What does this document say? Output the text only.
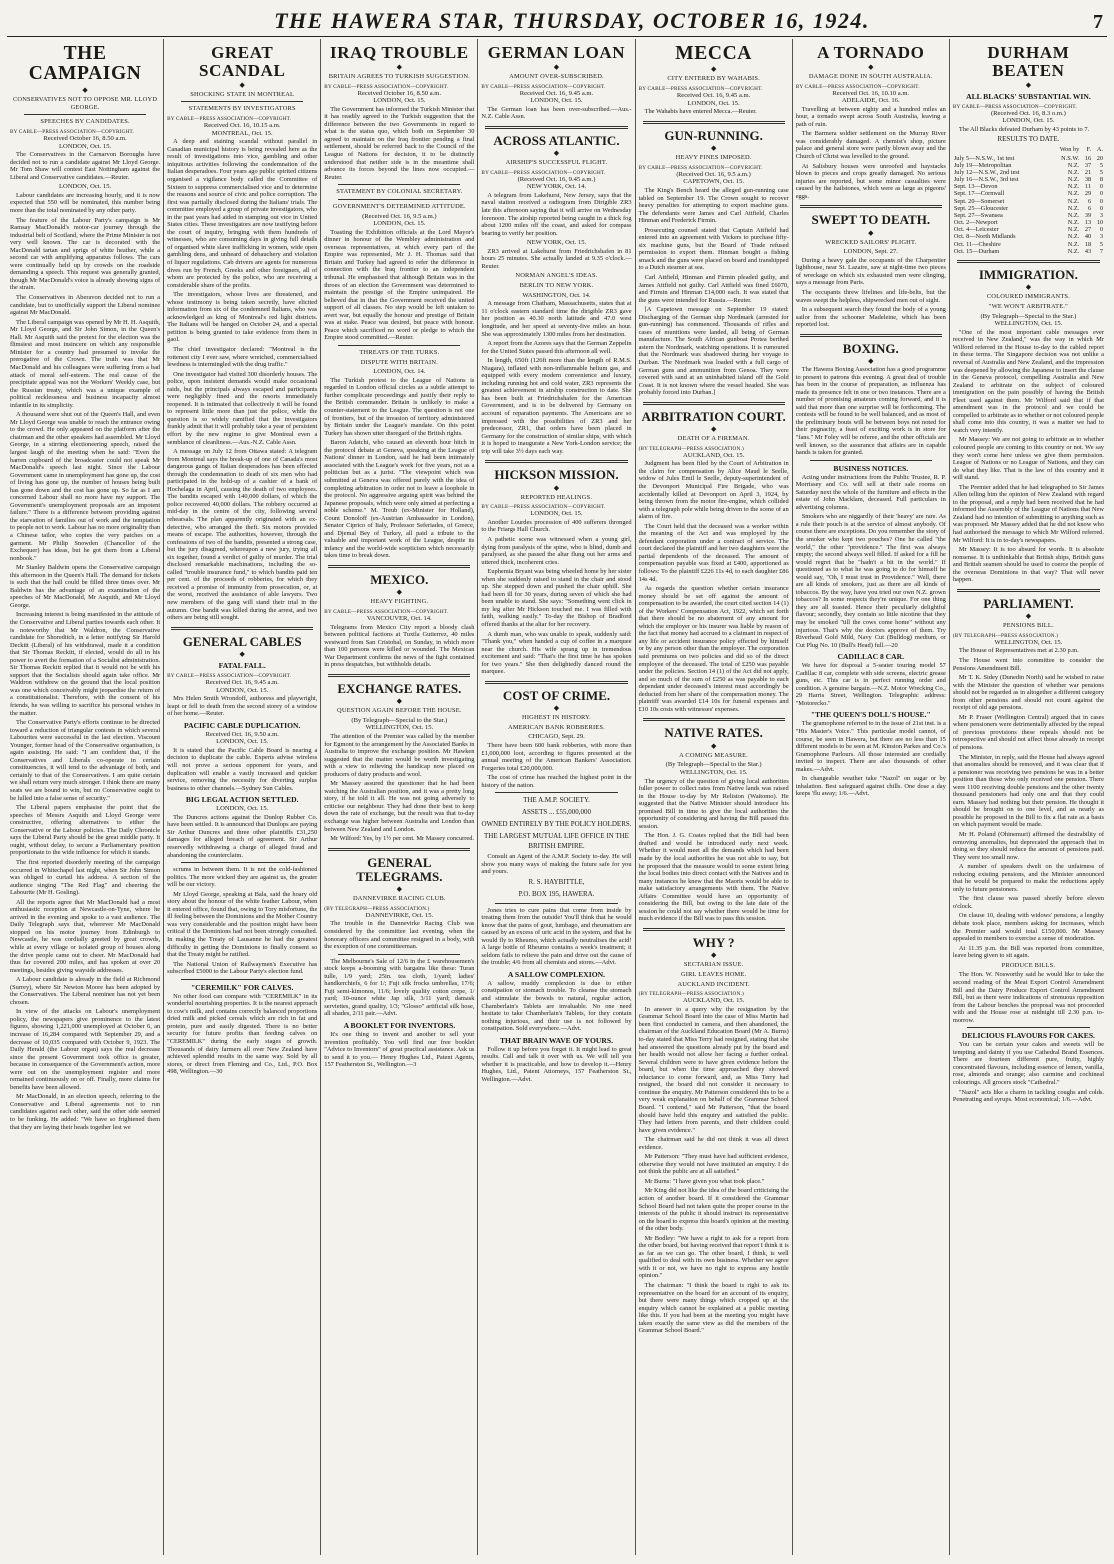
THE HAWERA STAR, THURSDAY, OCTOBER 16, 1924.	7
THE CAMPAIGN
◆
CONSERVATIVES NOT TO OPPOSE MR. LLOYD GEORGE.
SPEECHES BY CANDIDATES.
BY CABLE—PRESS ASSOCIATION—COPYRIGHT.
Received October 16, 8.50 a.m.
LONDON, Oct. 15.

The Conservatives in the Carnarvon Boroughs have decided not to run a candidate against Mr Lloyd George. Mr Tom Shaw will contest East Nottingham against the Liberal and Conservative candidates.—Reuter.

LONDON, Oct. 15.

Labour candidates are increasing hourly, and it is now expected that 550 will be nominated, this number being more than the total nominated by any other party.

The feature of the Labour Party's campaign is Mr Ramsay MacDonald's motor-car journey through the industrial belt of Scotland, where the Prime Minister is not very well known. The car is decorated with the MacDonald tartan and sprigs of white heather, while a second car with amplifying apparatus follows. The cars were continually held up by crowds on the roadside demanding a speech. This request was generally granted, though Mr MacDonald's voice is already showing signs of the strain.

The Conservatives in Aberavon decided not to run a candidate, but to unofficially support the Liberal nominee against Mr MacDonald.

The Liberal campaign was opened by Mr H. H. Asquith, Mr Lloyd George, and Sir John Simon, in the Queen's Hall. Mr Asquith said the pretext for the election was the flimsiest and most insincere on which any responsible Minister for a country had presumed to invoke the prerogative of the Crown. The truth was that Mr MacDonald and his colleagues were suffering from a bad attack of moral self-esteem. The real cause of the precipitate appeal was not the Workers' Weekly case, but the Russian treaty, which was a unique example of political recklessness and business incapacity almost infantile in its simplicity.

A thousand were shut out of the Queen's Hall, and even Mr Lloyd George was unable to reach the entrance owing to the crowd. He only appeared on the platform after the chairman and the other speakers had assembled. Mr Lloyd George, in a stirring electioneering speech, raised the largest laugh of the meeting when he said: "Even the barren cupboard of the broadcaster could not speak Mr MacDonald's speech last night. Since the Labour Government came in unemployment has gone up, the cost of living has gone up, the number of houses being built has gone down and the cost has gone up. So far as I am concerned Labour shall no more have my support. The Government's unemployment proposals are an impotent failure." There is a difference between providing against the starvation of families out of work and the temptation to people not to work. Labour has no more originality than a Chinese tailor, who copies the very patches on a garment. Mr Philip Snowden (Chancellor of the Exchequer) has ideas, but he got them from a Liberal nonbook."

Mr Stanley Baldwin opens the Conservative campaign this afternoon in the Queen's Hall. The demand for tickets is such that the hall could be filled three times over. Mr Baldwin has the advantage of an examination of the speeches of Mr MacDonald, Mr Asquith, and Mr Lloyd George.

Increasing interest is being manifested in the attitude of the Conservative and Liberal parties towards each other. It is noteworthy that Mr Waldron, the Conservative candidate for Shoreditch, in a letter notifying Sir Harold Deckitt (Liberal) of his withdrawal, made it a condition that Sir Thomas Reckitt, if elected, would do all in his power to avert the formation of a Socialist administration. Sir Thomas Reckitt replied that it would not be with his support that the Socialists should again take office. Mr Waldron withdrew on the ground that the local position was one which conceivably might jeopardise the return of a constitutionalist. Therefore, with the consent of his friends, he was willing to sacrifice his personal wishes in the matter.

The Conservative Party's efforts continue to be directed toward a reduction of triangular contests in which several Labourites were successful in the last election. Viscount Younger, former head of the Conservative organisation, is again assisting. He said: "I am confident that, if the Conservatives and Liberals co-operate in certain constituencies, it will tend to the advantage of both, and certainly to that of the Conservatives. I am quite certain we shall return very much stronger. I think there are many seats we are bound to win, but no Conservative ought to be lulled into a false sense of security."

The Liberal papers emphasise the point that the speeches of Messrs Asquith and Lloyd George were constructive, offering alternatives to either the Conservative or the Labour policies. The Daily Chronicle says the Liberal Party should be the great middle party. It ought, without delay, to secure a Parliamentary position proportionate to the wide influence for which it stands.

The first reported disorderly meeting of the campaign occurred in Whitechapel last night, when Sir John Simon was obliged to curtail his address. A section of the audience singing "The Red Flag" and cheering the Labourite (Mr H. Gosling).

All the reports agree that Mr MacDonald had a most enthusiastic reception at Newcastle-on-Tyne, where he arrived in the evening and spoke to a vast audience. The Daily Telegraph says that, wherever Mr MacDonald stopped on his motor journey from Edinburgh to Newcastle, he was cordially greeted by great crowds, while at every village or isolated group of houses along the drive people came out to cheer. Mr MacDonald had thus far covered 200 miles, and has spoken at over 20 meetings, besides giving wayside addresses.

A Labour candidate is already in the field at Richmond (Surrey), where Sir Newton Moore has been adopted by the Conservatives. The Liberal nominee has not yet been chosen.

In view of the attacks on Labour's unemployment policy, the newspapers give prominence to the latest figures, showing 1,221,000 unemployed at October 6, an increase of 16,284 compared with September 29, and a decrease of 10,035 compared with October 9, 1923. The Daily Herald (the Labour organ) says the real decrease since the present Government took office is greater, because in consequence of the Government's action, more were out on the unemployment register and more remained continuously on or off. Finally, more claims for benefits have been allowed.

Mr MacDonald, in an election speech, referring to the Conservative and Liberal agreements not to run candidates against each other, said the other side seemed to be funking. He added: "We have so frightened them that they are laying their heads together lest we

GREAT SCANDAL
◆
SHOCKING STATE IN MONTREAL
STATEMENTS BY INVESTIGATORS
BY CABLE—PRESS ASSOCIATION—COPYRIGHT.
Received Oct. 16, 10.15 a.m.
MONTREAL, Oct. 15.

A deep and staining scandal without parallel in Canadian municipal history is being revealed here as the result of investigations into vice, gambling and other iniquitous activities following the condemnation of the Italian desperadoes. Four years ago public spirited citizens organised a vigilance body called the Committee of Sixteen to suppress commercialised vice and to determine the reasons and source of civic and police corruption. The first was partially disclosed during the Italians' trials. The committee employed a group of private investigators, who in the past years had aided in stamping out vice in United States cities. These investigators are now testifying before the court of inquiry, bringing with them hundreds of witnesses, who are consuming days in giving full details of organised white slave trafficking in women, wide open gambling dens, and unheard of debauchery and violation of liquor regulations. Cab drivers are agents for numerous dives run by French, Greeks and other foreigners, all of whom are protected by the police, who are receiving a considerable share of the profits.

The investigators, whose lives are threatened, and whose testimony is being taken secretly, have elicited information from six of the condemned Italians, who was acknowledged as king of Montreal's red light districts. The Italians will be hanged on October 24, and a special petition is being granted to take evidence from them in gaol.

The chief investigator declared: "Montreal is the rottenest city I ever saw, where wretched, commercialised lewdness is intermingled with the drug traffic."

One investigator had visited 300 disorderly houses. The police, upon insistent demands would make occasional raids, but the principals always escaped and participants were negligibly fined and the resorts immediately reopened. It is intimated that collectively it will be found to represent little more than just the police, while the question is so widely ramified that the investigators frankly admit that it will probably take a year of persistent effort by the new regime to give Montreal even a semblance of cleanliness.—Aus.-N.Z. Cable Assn.

A message on July 12 from Ottawa stated: A telegram from Montreal says the break-up of one of Canada's most dangerous gangs of Italian desperadoes has been effected through the condemnation to death of six men who had participated in the hold-up of a cashier of a bank of Hochelaga in April, causing the death of two employees. The bandits escaped with 140,000 dollars, of which the police recovered 40,000 dollars. The robbery occurred at mid-day in the centre of the city, following several rehearsals. The plan apparently originated with an ex-detective, who arranged the theft. Six motors provided means of escape. The authorities, however, through the confessions of two of the bandits, presented a strong case, but the jury disagreed, whereupon a new jury, trying all six together, found a verdict of guilty of murder. The trial disclosed remarkable machinations, including the so-called "trouble insurance fund," to which bandits paid ten per cent. of the proceeds of robberies, for which they received a promise of immunity from prosecution, or, at the worst, received the assistance of able lawyers. Two new members of the gang will stand their trial in the autumn. One bandit was killed during the arrest, and two others are being still sought.

GENERAL CABLES
◆
FATAL FALL.
BY CABLE—PRESS ASSOCIATION—COPYRIGHT.
Received Oct. 16, 9.45 a.m.
LONDON, Oct. 15.

Mrs Helen Smith Wrondoff, authoress and playwright, leapt or fell to death from the second storey of a window of her home.—Reuter.

PACIFIC CABLE DUPLICATION.
Received Oct. 16, 9.50 a.m.
LONDON, Oct. 15.

It is stated that the Pacific Cable Board is nearing a decision to duplicate the cable. Experts advise wireless will not prove a serious opponent for years, and duplication will enable a vastly increased and quicker service, removing the necessity for diverting surplus business to other channels.—Sydney Sun Cables.

BIG LEGAL ACTION SETTLED.
LONDON, Oct. 15.

The Duncres actions against the Dunlop Rubber Co. have been settled. It is announced that Dunlops are paying Sir Arthur Duncres and three other plaintiffs £31,250 damages for alleged breach of agreement. Sir Arthur reservedly withdrawing a charge of alleged fraud and abandoning the counterclaim.

scrums in between them. It is not the cold-fashioned politics. The more wicked they are against us, the greater will be our victory.

Mr Lloyd George, speaking at Bala, said the hoary old story about the honour of the white feather Labour, when it entered office, found that, owing to Tory misfortune, the ill feeling between the Dominions and the Mother Country was very considerable and the position might have been critical if the Dominions had not been strongly consulted. In making the Treaty of Lausanne he had the greatest difficulty in getting the Dominions to finally consent so that the Treaty might be ratified.

The National Union of Railwaymen's Executive has subscribed £5000 to the Labour Party's election fund.

"CEREMILK" FOR CALVES.

No other food can compare with "CEREMILK" in its wonderful nourishing properties. It is the nearest approach to cow's milk, and contains correctly balanced proportions dried milk and picked cereals which are rich in fat and protein, pure and easily digested. There is no better security for future profits than feeding calves on "CEREMILK" during the early stages of growth. Thousands of dairy farmers all over New Zealand have achieved splendid results in the same way. Sold by all stores, or direct from Fleming and Co., Ltd., P.O. Box 498, Wellington.—30

IRAQ TROUBLE
◆
BRITAIN AGREES TO TURKISH SUGGESTION.
BY CABLE—PRESS ASSOCIATION—COPYRIGHT.
Received October 16, 8.50 a.m.
LONDON, Oct. 15.

The Government has informed the Turkish Minister that it has readily agreed to the Turkish suggestion that the difference between the two Governments in regard to what is the status quo, which both on September 30 agreed to maintain on the Iraq frontier pending a final settlement, should be referred back to the Council of the League of Nations for decision, it to be distinctly understood that neither side is in the meantime shall advance its forces beyond the lines now occupied.—Reuter.

STATEMENT BY COLONIAL SECRETARY.
GOVERNMENT'S DETERMINED ATTITUDE.
(Received Oct. 16, 9.5 a.m.)
LONDON, Oct. 15.

Toasting the Exhibition officials at the Lord Mayor's dinner in honour of the Wembley administration and overseas representatives, at which every part of the Empire was represented, Mr J. H. Thomas said that Britain and Turkey had agreed to refer the difference in connection with the Iraq frontier to an independent tribunal. He emphasised that although Britain was in the throes of an election the Government was determined to maintain the prestige of the Empire unimpaired. He believed that in that the Government received the united support of all classes. No step would be left untaken to avert war, but equally the honour and prestige of Britain was at stake. Peace was desired, but peace with honour. Peace which sacrificed no word or pledge to which the Empire stood committed.—Reuter.

THREATS OF THE TURKS.
DISPUTE WITH BRITAIN.
LONDON, Oct. 14.

The Turkish protest to the League of Nations is regarded in London official circles as a subtle attempt to further complicate proceedings and justify their reply to the British commander. Britain is unlikely to make a counter-statement to the League. The question is not one of frontiers, but of the invasion of territory administered by Britain under the League's mandate. On this point Turkey has shown utter disregard of the British rights.

Baron Adatchi, who caused an eleventh hour hitch in the protocol debate at Geneva, speaking at the League of Nations' dinner in London, said he had been intimately associated with the League's work for five years, not as a politician but as a jurist. "The viewpoint which was submitted at Geneva was offered purely with the idea of completing arbitration in order not to leave a loophole in the protocol. No aggressive arguing spirit was behind the Japanese proposals, which were only aimed at perfecting a noble scheme." M. Treub (ex-Minister for Holland), Count Donoloff (ex-Austrian Ambassador in London), Senator Ciprico of Italy, Professor Seferiades, of Greece, and Djemal Bey of Turkey, all paid a tribute to the valuable and important work of the League, despite its infancy and the world-wide scepticism which necessarily takes time to break down.

MEXICO.
◆
HEAVY FIGHTING.
BY CABLE—PRESS ASSOCIATION—COPYRIGHT.
VANCOUVER, Oct. 14.

Telegrams from Mexico City report a bloody clash between political factions at Tuxtla Gutierrez, 40 miles westward from San Cristobal, on Sunday, in which more than 100 persons were killed or wounded. The Mexican War Department confirms the news of the fight contained in press despatches, but withholds details.

EXCHANGE RATES.
◆
QUESTION AGAIN BEFORE THE HOUSE.
(By Telegraph—Special to the Star.)
WELLINGTON, Oct. 15.

The attention of the Premier was called by the member for Egmont to the arrangement by the Associated Banks in Australia to improve the exchange position. Mr Hawken suggested that the matter would be worth investigating with a view to relieving the handicap now placed on producers of dairy products and wool.

Mr Massey assured the questioner that he had been watching the Australian position, and it was a pretty long story, if he told it all. He was not going adversely to criticise our neighbour. They had done their best to keep down the rate of exchange, but the result was that to-day exchange was higher between Australia and London than between New Zealand and London.

Mr Wilford: Yes, by 1½ per cent. Mr Massey concurred.

GENERAL TELEGRAMS.
◆
DANNEVIRKE RACING CLUB.
(BY TELEGRAPH—PRESS ASSOCIATION.)
DANNEVIRKE, Oct. 15.

The trouble in the Dannevirke Racing Club was considered by the committee last evening, when the honorary officers and committee resigned in a body, with the exception of one committeeman.

The Melbourne's Sale of 12/6 in the £ warehousemen's stock keeps a-booming with bargains like these: Turan tulle, 1/9 yard; 25in. tea cloth, 1/yard; ladies' handkerchiefs, 6 for 1/; Fuji silk frocks umbrellas, 17/6; Fuji semi-kimonos, 11/6; lovely quality cotton crepe, 1/ yard; 10-ounce white Jap silk, 3/11 yard; damask serviettes, grand quality, 1/3; "Glosso" artificial silk hose, all shades, 2/11 pair.—Advt.

A BOOKLET FOR INVENTORS.

It's one thing to invent and another to sell your invention profitably. You will find our free booklet "Advice to Inventors" of great practical assistance. Ask us to send it to you.— Henry Hughes Ltd., Patent Agents, 157 Featherston St., Wellington.—3

GERMAN LOAN
◆
AMOUNT OVER-SUBSCRIBED.
BY CABLE—PRESS ASSOCIATION—COPYRIGHT.
Received Oct. 16, 9.45 a.m.
LONDON, Oct. 15.

The German loan has been over-subscribed.—Aus.-N.Z. Cable Assn.

ACROSS ATLANTIC.
◆
AIRSHIP'S SUCCESSFUL FLIGHT.
BY CABLE—PRESS ASSOCIATION—COPYRIGHT.
(Received Oct. 16, 9.45 a.m.)
NEW YORK, Oct. 14.

A telegram from Lakehurst, New Jersey, says that the naval station received a radiogram from Dirigible ZR3 late this afternoon saying that it will arrive on Wednesday forenoon. The airship reported being caught in a thick fog about 1200 miles off the coast, and asked for compass bearing to verify her position.

NEW YORK, Oct. 15.

ZR3 arrived at Lakehurst from Friedrichshafen in 81 hours 25 minutes. She actually landed at 9.35 o'clock.—Reuter.

NORMAN ANGEL'S IDEAS.
BERLIN TO NEW YORK.
WASHINGTON, Oct. 14.

A message from Chatham, Massachusetts, states that at 11 o'clock eastern standard time the dirigible ZR3 gave her position as 40.30 north latitude and 47.0 west longitude, and her speed at seventy-five miles an hour. She was approximately 1300 miles from her destination.

A report from the Azores says that the German Zeppelin for the United States passed this afternoon all well.

In length, 650ft (126ft more than the length of R.M.S. Niagara), inflated with non-inflammable helium gas, and equipped with every modern convenience and luxury, including running hot and cold water, ZR3 represents the greatest achievement in airship construction to date. She has been built at Friedrichshafen for the American Government, and is to be delivered by Germany on account of reparation payments. The Americans are so impressed with the possibilities of ZR3 and her predecessor, ZR1, that orders have been placed in Germany for the construction of similar ships, with which it is hoped to inaugurate a New York-London service; the trip will take 3½ days each way.

HICKSON MISSION.
◆
REPORTED HEALINGS.
BY CABLE—PRESS ASSOCIATION—COPYRIGHT.
LONDON, Oct. 15.

Another Lourdes procession of 400 sufferers thronged to the Friargs Hall Church.

A pathetic scene was witnessed when a young girl, dying from paralysis of the spine, who is blind, dumb and paralysed, as she passed the altar flung out her arms and uttered thick, incoherent cries.

Euphemia Bryant was being wheeled home by her sister when she suddenly raised to stand in the chair and stood up. She stepped down and pushed the chair uphill. She had been ill for 30 years, during seven of which she had been unable to stand. She says: "Something went click in my leg after Mr Hickson touched me. I was filled with faith, walking easily." To-day the Bishop of Bradford offered thanks at the altar for her recovery.

A dumb man, who was unable to speak, suddenly said: "Thank you," when handed a cup of coffee in a marquee near the church. His wife sprang up in tremendous excitement and said: "That's the first time he has spoken for two years." She then delightedly danced round the marquee.

COST OF CRIME.
◆
HIGHEST IN HISTORY.
AMERICAN BANK ROBBERIES.
CHICAGO, Sept. 29.

There have been 600 bank robberies, with more than £1,000,000 loot, according to figures presented at the annual meeting of the American Bankers' Association. Forgeries total £20,000,000.

The cost of crime has reached the highest point in the history of the nation.

THE A.M.P. SOCIETY.
ASSETS ... £55,000,000
OWNED ENTIRELY BY THE POLICY HOLDERS.
THE LARGEST MUTUAL LIFE OFFICE IN THE BRITISH EMPIRE.

Consult an Agent of the A.M.P. Society to-day. He will show you many ways of making the future safe for you and yours.

R. S. HAYBITTLE,
P.O. BOX 195, HAWERA.

Jones tries to cure pains that come from inside by treating them from the outside! You'll think that he would know that the pains of gout, lumbago, and rheumatism are caused by an excess of uric acid in the system, and that he would fly to Rheumo, which actually neutralises the acid! A large bottle of Rheumo contains a week's treatment; it seldom fails to relieve the pain and drive out the cause of the trouble; 4/6 from all chemists and stores.—Advt.

A SALLOW COMPLEXION.

A sallow, muddy complexion is due to either constipation or stomach trouble. To cleanse the stomach and stimulate the bowels to natural, regular action, Chamberlain's Tablets are invaluable. No one need hesitate to take Chamberlain's Tablets, for they contain nothing injurious, and their use is not followed by constipation. Sold everywhere.—Advt.

THAT BRAIN WAVE OF YOURS.

Follow it up before you forget it. It might lead to great results. Call and talk it over with us. We will tell you whether it is practicable, and how to develop it.—Henry Hughes, Ltd., Patent Attorneys, 157 Featherston St., Wellington.—Advt.

MECCA
◆
CITY ENTERED BY WAHABIS.
BY CABLE—PRESS ASSOCIATION—COPYRIGHT.
Received Oct. 16, 9.45 a.m.
LONDON, Oct. 15.

The Wahabis have entered Mecca.—Reuter.

GUN-RUNNING.
◆
HEAVY FINES IMPOSED.
BY CABLE—PRESS ASSOCIATION—COPYRIGHT.
(Received Oct. 16, 9.5 a.m.)
CAPETOWN, Oct. 15.

The King's Bench heard the alleged gun-running case tabled on September 19. The Crown sought to recover heavy penalties for attempting to export machine guns. The defendants were James and Carl Attfield, Charles Hinman and Frederick Firmin.

Prosecuting counsel stated that Captain Attfield had entered into an agreement with Vickers to purchase fifty-six machine guns, but the Board of Trade refused permission to export them. Hinman bought a fishing smack and the guns were placed on board and transhipped to a Dutch steamer at sea.

Carl Attfield, Hinman and Firmin pleaded guilty, and James Attfield not guilty. Carl Attfield was fined £6070, and Firmin and Hinman £14,000 each. It was stated that the guns were intended for Russia.—Reuter.

[A Capetown message on September 19 stated: Discharging of the German ship Nordmark (arrested for gun-running) has commenced. Thousands of rifles and cases of munitions were landed, all being of German manufacture. The South African gunboat Protea berthed astern the Nordmark, watching operations. It is rumoured that the Nordmark was shadowed during her voyage to Durban. The Nordmark was loaded with a full cargo of German guns and ammunition from Genoa. They were covered with sand at an uninhabited island off the Gold Coast. It is not known where the vessel headed. She was probably forced into Durban.]

ARBITRATION COURT.
◆
DEATH OF A FIREMAN.
(BY TELEGRAPH—PRESS ASSOCIATION.)
AUCKLAND, Oct. 15.

Judgment has been filed by the Court of Arbitration in the claim for compensation by Alice Maud le Seelle, widow of Jules Emil le Seelle, deputy-superintendent of the Devonport Municipal Fire Brigade, who was accidentally killed at Devonport on April 3, 1924, by being thrown from the motor fire-engine, which collided with a telegraph pole while being driven to the scene of an alarm of fire.

The Court held that the deceased was a worker within the meaning of the Act and was employed by the defendant corporation under a contract of service. The court declared the plaintiff and her two daughters were the partial dependents of the deceased. The amount of compensation payable was fixed at £400, apportioned as follows: To the plaintiff £226 11s 4d, to each daughter £86 14s 4d.

As regards the question whether certain insurance money should be set off against the amount of compensation to be awarded, the court cited section 14 (1) of the Workers' Compensation Act, 1922, which set forth that there should be no abatement of any amount for which the employer or his insurer was liable by reason of the fact that money had accrued to a claimant in respect of any life or accident insurance policy effected by himself or by any person other than the employer. The corporation said premiums on two policies and did so of the direct employee of the deceased. The total of £250 was payable under the policies. Section 14 (1) of the Act did not apply, and so much of the sum of £250 as was payable to each dependant under deceased's interest must accordingly be deducted from her share of the compensation money. The plaintiff was awarded £14 10s for funeral expenses and £10 10s costs with witnesses' expenses.

NATIVE RATES.
◆
A COMING MEASURE.
(By Telegraph—Special to the Star.)
WELLINGTON, Oct. 15.

The urgency of the question of giving local authorities fuller power to collect rates from Native lands was raised in the House to-day by Mr Reliston (Waitomo). He suggested that the Native Minister should introduce his promised Bill in time to give the local authorities the opportunity of considering and having the Bill passed this session.

The Hon. J. G. Coates replied that the Bill had been drafted and would be introduced early next week. Whether it would meet all the demands which had been made by the local authorities he was not able to say, but he proposed that the measure would to some extent bring the local bodies into direct contact with the Natives and in many instances he knew that the Maoris would be able to make satisfactory arrangements with them. The Native Affairs Committee would have an opportunity of considering the Bill, but owing to the late date of the session he could not say whether there would be time for much evidence if the Bill was to pass this session.

WHY ?
◆
SECTARIAN ISSUE.
GIRL LEAVES HOME.
AUCKLAND INCIDENT.
(BY TELEGRAPH—PRESS ASSOCIATION.)
AUCKLAND, Oct. 15.

In answer to a query why the resignation by the Grammar School Board into the case of Miss Martin had been first conducted in camera, and then abandoned, the chairman of the Auckland Education Board (Mr A. Burns) to-day stated that Miss Terry had resigned, stating that she had answered the questions already put by the board and her health would not allow her facing a further ordeal. Several children were to have given evidence before the board, but when the time approached they showed reluctance to come forward, and, as Miss Terry had resigned, the board did not consider it necessary to continue the enquiry. Mr Patterson considered this to be a very weak explanation on behalf of the Grammar School Board. "I contend," said Mr Patterson, "that the board should have held this enquiry and satisfied the public. They had letters from parents, and their children could have given evidence."

The chairman said he did not think it was all direct evidence.

Mr Patterson: "They must have had sufficient evidence, otherwise they would not have instituted an enquiry. I do not think the public are at all satisfied."

Mr Burns: "I have given you what took place."

Mr King did not like the idea of the board criticising the action of another board. If it considered the Grammar School Board had not taken quite the proper course in the interests of the public it should instruct its representative on the board to express this board's opinion at the meeting of the other body.

Mr Bodley: "We have a right to ask for a report from the other board, but having received that report I think it is as far as we can go. The other board, I think, is well qualified to deal with its own business. Whether we agree with it or not, we have no right to express any hostile opinion."

The chairman: "I think the board is right to ask its representative on the board for an account of its enquiry, but there were many things which cropped up at the enquiry which cannot be explained at a public meeting like this. If you had been at the meeting you might have taken exactly the same view as did the members of the Grammar School Board."

A TORNADO
◆
DAMAGE DONE IN SOUTH AUSTRALIA.
BY CABLE—PRESS ASSOCIATION—COPYRIGHT.
Received Oct. 16, 10.10 a.m.
ADELAIDE, Oct. 16.

Travelling at between eighty and a hundred miles an hour, a tornado swept across South Australia, leaving a path of ruin.

The Barmera soldier settlement on the Murray River was considerably damaged. A chemist's shop, picture palace and general store were partly blown away and the Church of Christ was levelled to the ground.

At Salisbury houses were unroofed and haystacks blown to pieces and crops greatly damaged. No serious injuries are reported, but some minor casualties were caused by the hailstones, which were as large as pigeons' eggs.

SWEPT TO DEATH.
◆
WRECKED SAILORS' PLIGHT.
LONDON, Sept. 27.

During a heavy gale the occupants of the Charpentier lighthouse, near St. Lazaire, saw at night-time two pieces of wreckage on which six exhausted men were clinging, says a message from Paris.

The occupants threw lifelines and life-belts, but the waves swept the helpless, shipwrecked men out of sight.

In a subsequent search they found the body of a young sailor from the schooner Madeleine, which has been reported lost.

BOXING.
◆

The Hawera Boxing Association has a good programme to present to patrons this evening. A great deal of trouble has been in the course of preparation, as influenza has made its presence felt in one or two instances. There are a number of promising amateurs coming forward, and it is said that more than one surprise will be forthcoming. The contests will be found to be well balanced, and as most of the preliminary bouts will be between boys not noted for their pugnacity, a feast of exciting work is in store for "fans." Mr Foley will be referee, and the other officials are well known, so the assurance that affairs are in capable hands is taken for granted.

BUSINESS NOTICES.

Acting under instructions from the Public Trustee, R. P. Morrissey and Co. will sell at their sale rooms on Saturday next the whole of the furniture and effects in the estate of John Macklam, deceased. Full particulars in advertising columns.

Smokers who are niggardly of their 'heavy' are rare. As a rule their pouch is at the service of almost anybody. Of course there are exceptions. Do you remember the story of the smoker who kept two pouches? One he called "the world," the other "providence." The first was always empty; the second always well filled. If asked for a fill he would regret that he "hadn't a bit in the world." If questioned as to what he was going to do for himself he would say, "Oh, I must trust in Providence." Well, there are all kinds of smokers, just as there are all kinds of tobaccos. By the way, have you tried our own N.Z. grown tobaccos? In some respects they're unique. For one thing they are all toasted. Hence their peculiarly delightful flavour; secondly, they contain so little nicotine that they may be smoked "till the cows come home" without any injurious. That's why the doctors approve of them. Try Riverhead Gold Mild, Navy Cut (Bulldog) medium, or Cut Plug No. 10 (Bull's Head) full.—20

CADILLAC 8 CAR.

We have for disposal a 5-seater touring model 57 Cadillac 8 car, complete with side screens, electric grease guns, etc. This car is in perfect running order and condition. A genuine bargain.—N.Z. Motor Wrecking Co., 29 Harris Street, Wellington. Telegraphic address: "Motorecko."

"THE QUEEN'S DOLL'S HOUSE."

The gramophone referred to in the issue of 21st inst. is a "His Master's Voice." This particular model cannot, of course, be seen in Hawera, but there are no less than 15 different models to be seen at M. Kinston Parkes and Co.'s Gramophone Parlours. All those interested are cordially invited to inspect. There are also thousands of other makes.—Advt.

In changeable weather take "Nazol" on sugar or by inhalation. Best safeguard against chills. One dose a day keeps 'flu away; 1/6.—Advt.

DURHAM BEATEN
◆
ALL BLACKS' SUBSTANTIAL WIN.
BY CABLE—PRESS ASSOCIATION—COPYRIGHT.
(Received Oct. 16, 8.3 o.m.)
LONDON, Oct. 15.

The All Blacks defeated Durham by 43 points to 7.

RESULTS TO DATE.
	Won by	F.	A.
July 5—N.S.W., 1st test	N.S.W.	16	20
July 19—Metropolitan	N.Z.	37	5
July 12—N.S.W., 2nd test	N.Z.	21	5
July 16—N.S.W., 3rd test	N.Z.	38	8
Sept. 13—Devon	N.Z.	11	0
Sept. 17—Cornwall	N.Z.	29	0
Sept. 20—Somerset	N.Z.	6	0
Sept. 25—Gloucester	N.Z.	6	0
Sept. 27—Swansea	N.Z.	39	3
Oct. 2—Newport	N.Z.	13	10
Oct. 4—Leicester	N.Z.	27	0
Oct. 8—North Midlands	N.Z.	40	3
Oct. 11—Cheshire	N.Z.	18	5
Oct. 15—Durham	N.Z.	43	7
IMMIGRATION.
◆
COLOURED IMMIGRANTS.
"WE WON'T ARBITRATE."
(By Telegraph—Special to the Star.)
WELLINGTON, Oct. 15.

"One of the most important cable messages ever received in New Zealand," was the way in which Mr Wilford referred in the House to-day to the cabled report in these terms. The Singapore decision was not unlike a reversal of Australia and New Zealand, and the impression was deepened by allowing the Japanese to insert the clause in the Geneva protocol, compelling Australia and New Zealand to arbitrate on the subject of coloured immigration on the pain possibly of having the British Fleet used against them. Mr Wilford said that if that amendment was in the protocol and we could be compelled to arbitrate as to whether or not coloured people shall come into this country, it was a matter we had to watch very intently.

Mr Massey: We are not going to arbitrate as to whether coloured people are coming to this country or not. We say they won't come here unless we give them permission. League of Nations or no League of Nations, and they can do what they like. That is the law of this country and it will stand.

The Premier added that he had telegraphed to Sir James Allen telling him the opinion of New Zealand with regard to the proposal, and a reply had been received that he had informed the Assembly of the League of Nations that New Zealand had no intention of submitting to anything such as was proposed. Mr Massey added that he did not know who had authorised the message to which Mr Wilford referred. Mr Wilford: It is in to-day's newspapers.

Mr Massey: It is too absurd for words. It is absolute nonsense. It is unthinkable that British ships, British guns and British seamen should be used to coerce the people of the overseas Dominions in that way? That will never happen.

PARLIAMENT.
◆
PENSIONS BILL.
(BY TELEGRAPH—PRESS ASSOCIATION.)
WELLINGTON, Oct. 15.

The House of Representatives met at 2.30 p.m.

The House went into committee to consider the Pensions Amendment Bill.

Mr T. K. Sidey (Dunedin North) said he wished to raise with the Minister the question of whether war pensions should not be regarded as in altogether a different category from other pensions and should not count against the receipt of old age pensions.

Mr P. Fraser (Wellington Central) argued that in cases where pensioners were detrimentally affected by the repeal of previous provisions these repeals should not be retrospective and should not affect those already in receipt of pensions.

The Minister, in reply, said the House had always agreed that anomalies should be removed, and it was clear that if a pensioner was receiving two pensions he was in a better position than those who only received one pension. There were 1100 receiving double pensions and the other twenty thousand pensioners had only one and that they could earn. Massey had nothing but their pension. He thought it should be brought on to one level, and as nearly as possible he proposed in the Bill to fix a flat rate as a basis on which payment would be made.

Mr H. Poland (Ohinemuri) affirmed the desirability of removing anomalies, but deprecated the approach that in doing so they should reduce the amount of pensions paid. They were too small now.

A number of speakers dwelt on the unfairness of reducing existing pensions, and the Minister announced that he would be prepared to make the reductions apply only to future pensioners.

The first clause was passed shortly before eleven o'clock.

On clause 10, dealing with widows' pensions, a lengthy debate took place, members asking for increases, which the Premier said would total £150,000. Mr Massey appealed to members to exercise a sense of moderation.

At 11.35 p.m. the Bill was reported from committee, leave being given to sit again.

PRODUCE BILLS.

The Hon. W. Nosworthy said he would like to take the second reading of the Meat Export Control Amendment Bill and the Dairy Produce Export Control Amendment Bill, but as there were indications of strenuous opposition from the Labour benches the proposal was not proceeded with and the House rose at midnight till 2.30 p.m. to-morrow.

DELICIOUS FLAVOURS FOR CAKES.

You can be certain your cakes and sweets will be tempting and dainty if you use Cathedral Brand Essences. There are fourteen different pure, fruity, highly concentrated flavours, including essence of lemon, vanilla, rose, almonds and orange; also carmine and cochineal colourings. All grocers stock "Cathedral."

"Nazol" acts like a charm in tackling coughs and colds. Penetrating and syrups. Most economical; 1/6.—Advt.
